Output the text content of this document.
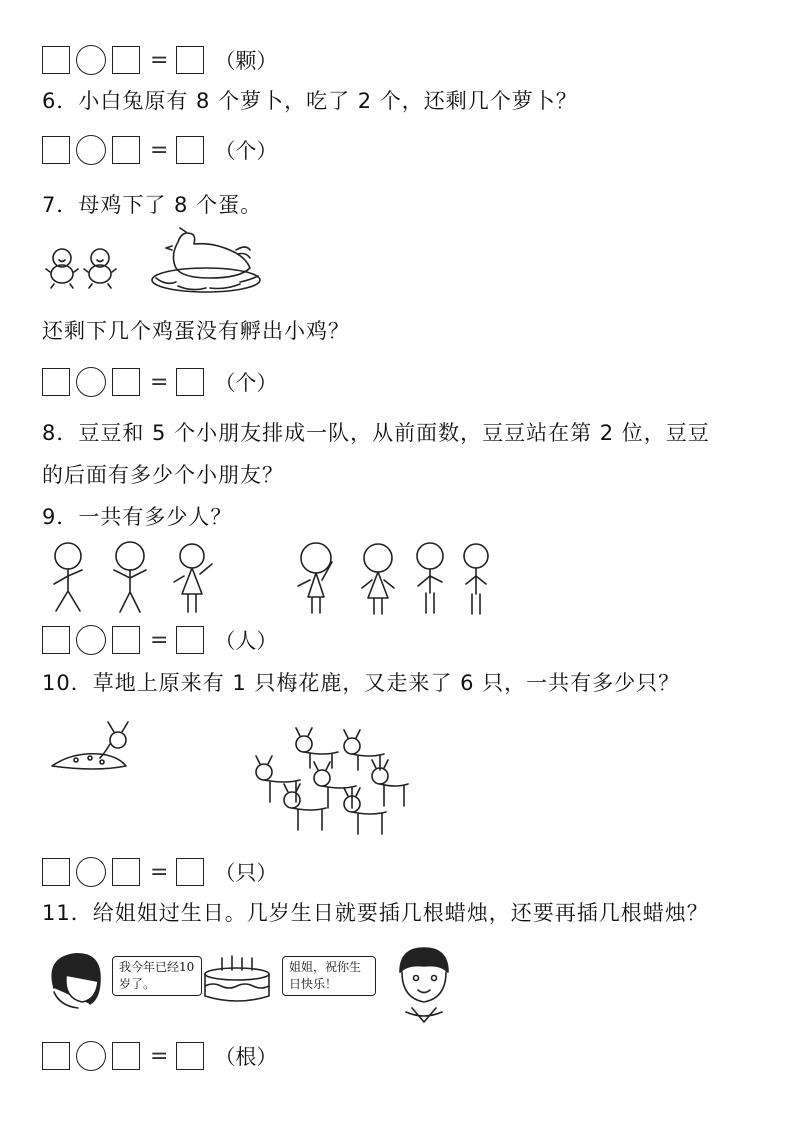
= （颗）
6．小白兔原有 8 个萝卜，吃了 2 个，还剩几个萝卜？
= （个）
7．母鸡下了 8 个蛋。
还剩下几个鸡蛋没有孵出小鸡？
= （个）
8．豆豆和 5 个小朋友排成一队，从前面数，豆豆站在第 2 位，豆豆
的后面有多少个小朋友？
9．一共有多少人？
= （人）
10．草地上原来有 1 只梅花鹿，又走来了 6 只，一共有多少只？
= （只）
11．给姐姐过生日。几岁生日就要插几根蜡烛，还要再插几根蜡烛？
我今年已经10岁了。
姐姐，祝你生日快乐！
= （根）
